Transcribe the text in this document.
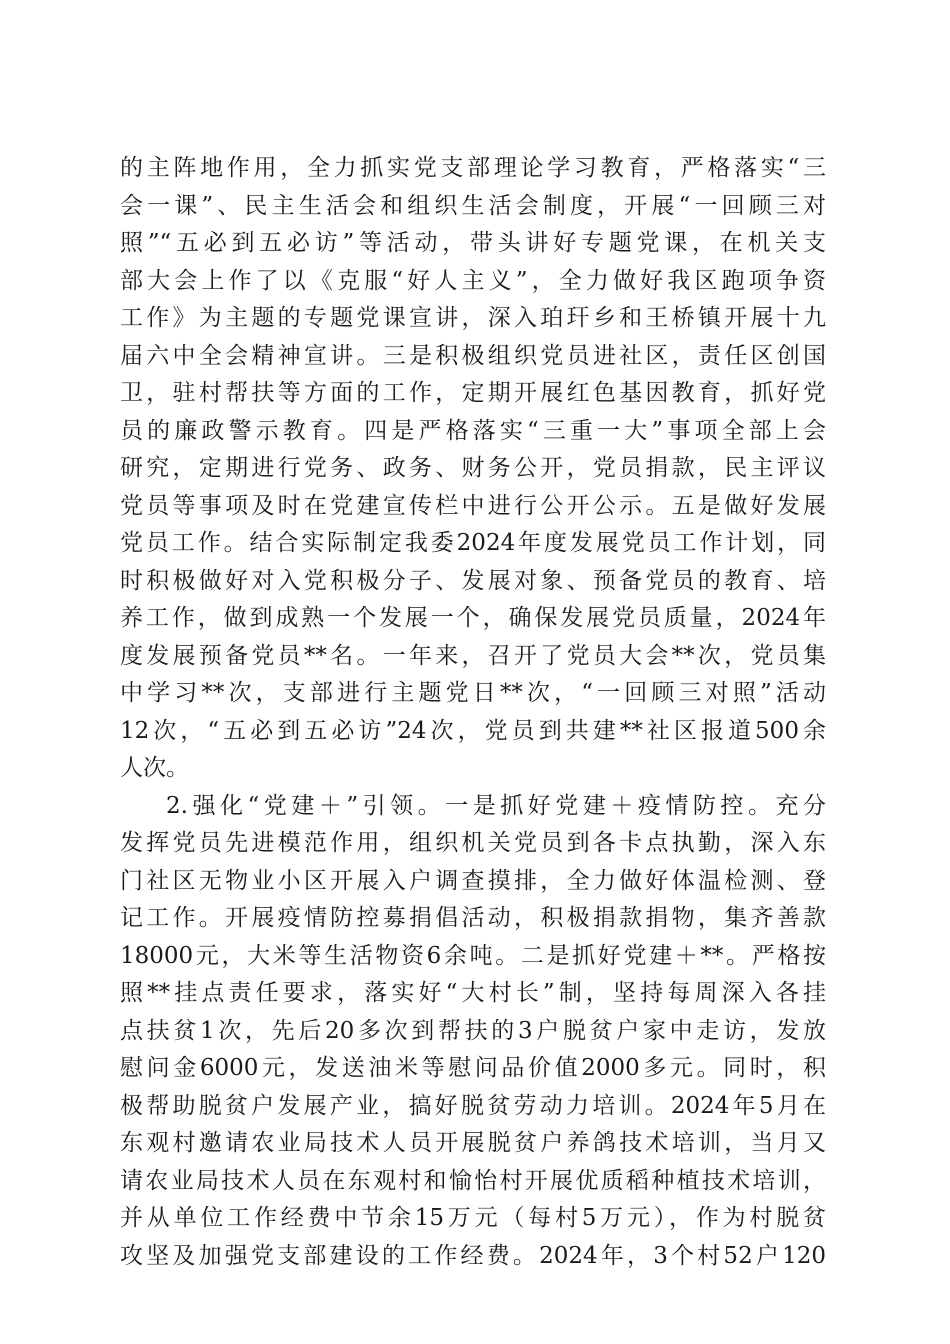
的主阵地作用，全力抓实党支部理论学习教育，严格落实“三
会一课”、民主生活会和组织生活会制度，开展“一回顾三对
照”“五必到五必访”等活动，带头讲好专题党课，在机关支
部大会上作了以《克服“好人主义”，全力做好我区跑项争资
工作》为主题的专题党课宣讲，深入珀玕乡和王桥镇开展十九
届六中全会精神宣讲。三是积极组织党员进社区，责任区创国
卫，驻村帮扶等方面的工作，定期开展红色基因教育，抓好党
员的廉政警示教育。四是严格落实“三重一大”事项全部上会
研究，定期进行党务、政务、财务公开，党员捐款，民主评议
党员等事项及时在党建宣传栏中进行公开公示。五是做好发展
党员工作。结合实际制定我委2024年度发展党员工作计划，同
时积极做好对入党积极分子、发展对象、预备党员的教育、培
养工作，做到成熟一个发展一个，确保发展党员质量，2024年
度发展预备党员**名。一年来，召开了党员大会**次，党员集
中学习**次，支部进行主题党日**次，“一回顾三对照”活动
12次，“五必到五必访”24次，党员到共建**社区报道500余
人次。
2.强化“党建＋”引领。一是抓好党建＋疫情防控。充分
发挥党员先进模范作用，组织机关党员到各卡点执勤，深入东
门社区无物业小区开展入户调查摸排，全力做好体温检测、登
记工作。开展疫情防控募捐倡活动，积极捐款捐物，集齐善款
18000元，大米等生活物资6余吨。二是抓好党建＋**。严格按
照**挂点责任要求，落实好“大村长”制，坚持每周深入各挂
点扶贫1次，先后20多次到帮扶的3户脱贫户家中走访，发放
慰问金6000元，发送油米等慰问品价值2000多元。同时，积
极帮助脱贫户发展产业，搞好脱贫劳动力培训。2024年5月在
东观村邀请农业局技术人员开展脱贫户养鸽技术培训，当月又
请农业局技术人员在东观村和愉怡村开展优质稻种植技术培训，
并从单位工作经费中节余15万元（每村5万元），作为村脱贫
攻坚及加强党支部建设的工作经费。2024年，3个村52户120
